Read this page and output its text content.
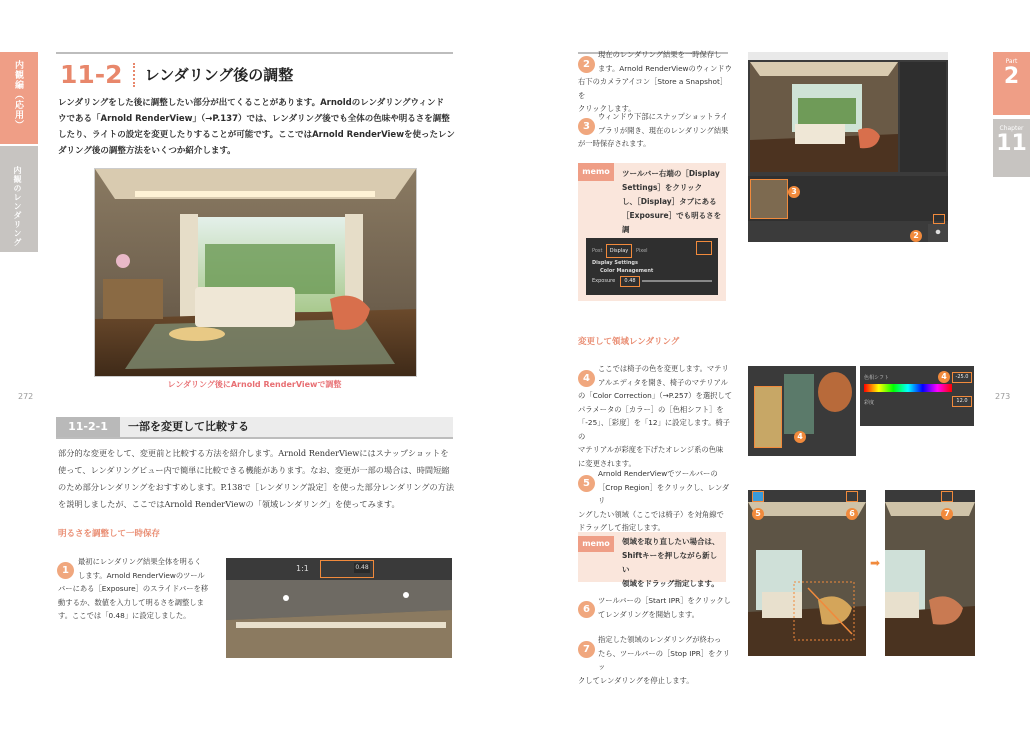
内観編（応用）
内観のレンダリング
11-2 レンダリング後の調整
レンダリングをした後に調整したい部分が出てくることがあります。Arnoldのレンダリングウィンド
ウである「Arnold RenderView」（→P.137）では、レンダリング後でも全体の色味や明るさを調整
したり、ライトの設定を変更したりすることが可能です。ここではArnold RenderViewを使ったレン
ダリング後の調整方法をいくつか紹介します。
レンダリング後にArnold RenderViewで調整
272
11-2-1	一部を変更して比較する
部分的な変更をして、変更前と比較する方法を紹介します。Arnold RenderViewにはスナップショットを
使って、レンダリングビュー内で簡単に比較できる機能があります。なお、変更が一部の場合は、時間短縮
のため部分レンダリングをおすすめします。P.138で［レンダリング設定］を使った部分レンダリングの方法
を説明しましたが、ここではArnold RenderViewの「領域レンダリング」を使ってみます。
明るさを調整して一時保存
1
最初にレンダリング結果全体を明るく
します。Arnold RenderViewのツール
バーにある［Exposure］のスライドバーを移
動するか、数値を入力して明るさを調整しま
す。ここでは「0.48」に設定しました。
1:1	0.48
Part
2
Chapter
11
273
2
現在のレンダリング結果を一時保存し
ます。Arnold RenderViewのウィンドウ
右下のカメラアイコン［Store a Snapshot］を
クリックします。
3
ウィンドウ下部にスナップショットライ
ブラリが開き、現在のレンダリング結果
が一時保存されます。
memo	ツールバー右端の［Display
Settings］をクリック
し、［Display］タブにある
［Exposure］でも明るさを調
Post	Display	Pixel
Display Settings
Color Management
Exposure	0.48
3
⏺
2
変更して領域レンダリング
4
ここでは椅子の色を変更します。マテリ
アルエディタを開き、椅子のマテリアル
の「Color Correction」（→P.257）を選択して
パラメータの［カラー］の［色相シフト］を
「-25」、［彩度］を「12」に設定します。椅子の
マテリアルが彩度を下げたオレンジ系の色味
に変更されます。
4
色相シフト	-25.0
彩度	12.0
4
5
Arnold RenderViewでツールバーの
［Crop Region］をクリックし、レンダリ
ングしたい領域（ここでは椅子）を対角線で
ドラッグして指定します。
memo	領域を取り直したい場合は、
Shiftキーを押しながら新しい
領域をドラッグ指定します。
6
ツールバーの［Start IPR］をクリックし
てレンダリングを開始します。
7
指定した領域のレンダリングが終わっ
たら、ツールバーの［Stop IPR］をクリッ
クしてレンダリングを停止します。
5	6
➡
7
